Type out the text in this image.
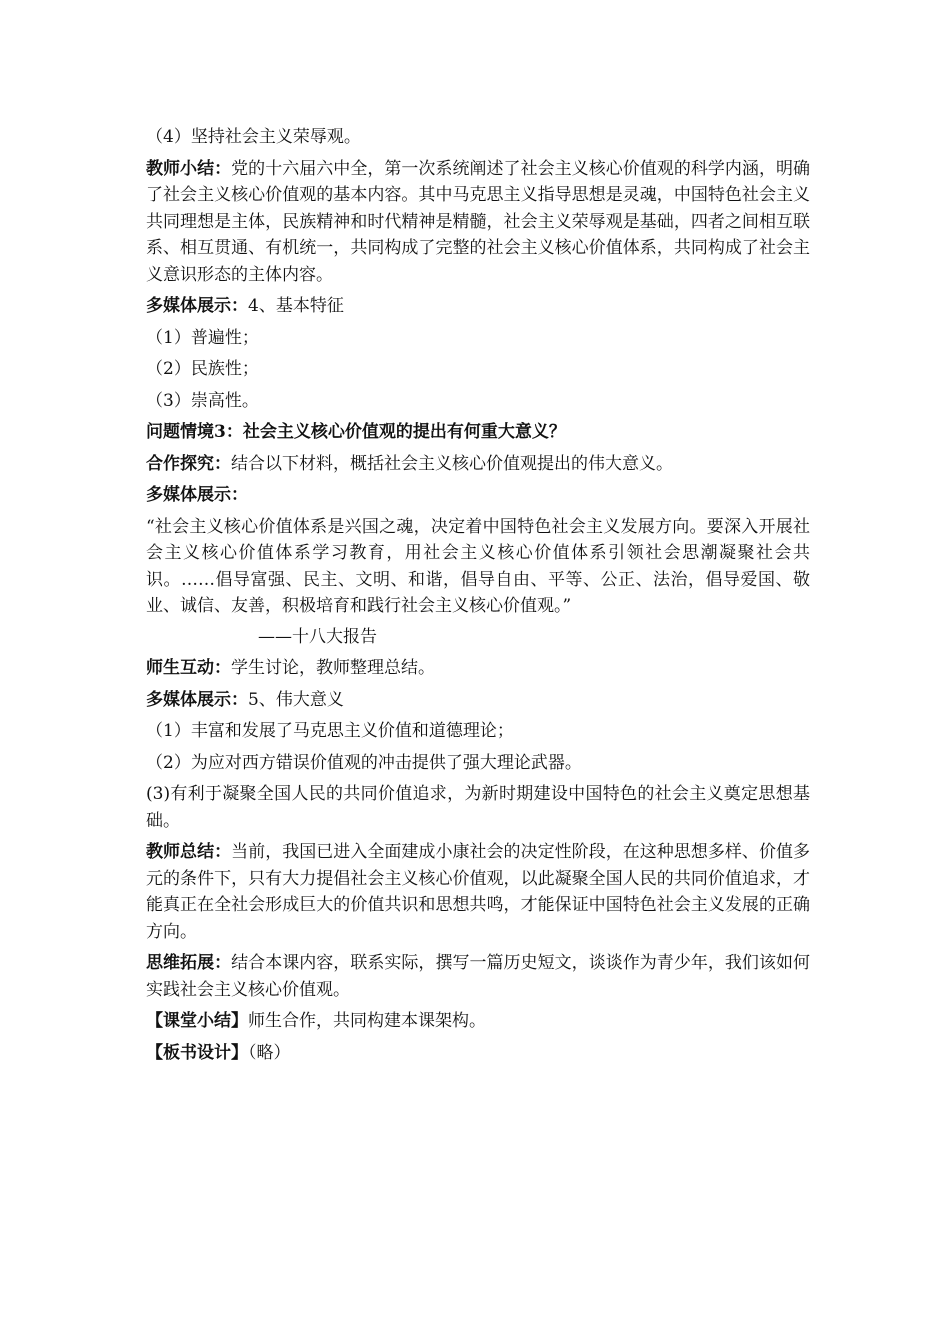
（4）坚持社会主义荣辱观。

教师小结：党的十六届六中全，第一次系统阐述了社会主义核心价值观的科学内涵，明确了社会主义核心价值观的基本内容。其中马克思主义指导思想是灵魂，中国特色社会主义共同理想是主体，民族精神和时代精神是精髓，社会主义荣辱观是基础，四者之间相互联系、相互贯通、有机统一，共同构成了完整的社会主义核心价值体系，共同构成了社会主义意识形态的主体内容。

多媒体展示：4、基本特征

（1）普遍性；

（2）民族性；

（3）崇高性。

问题情境3：社会主义核心价值观的提出有何重大意义？

合作探究：结合以下材料，概括社会主义核心价值观提出的伟大意义。

多媒体展示：

“社会主义核心价值体系是兴国之魂，决定着中国特色社会主义发展方向。要深入开展社会主义核心价值体系学习教育，用社会主义核心价值体系引领社会思潮凝聚社会共识。……倡导富强、民主、文明、和谐，倡导自由、平等、公正、法治，倡导爱国、敬业、诚信、友善，积极培育和践行社会主义核心价值观。”

——十八大报告

师生互动：学生讨论，教师整理总结。

多媒体展示：5、伟大意义

（1）丰富和发展了马克思主义价值和道德理论；

（2）为应对西方错误价值观的冲击提供了强大理论武器。

(3)有利于凝聚全国人民的共同价值追求，为新时期建设中国特色的社会主义奠定思想基础。

教师总结：当前，我国已进入全面建成小康社会的决定性阶段，在这种思想多样、价值多元的条件下，只有大力提倡社会主义核心价值观，以此凝聚全国人民的共同价值追求，才能真正在全社会形成巨大的价值共识和思想共鸣，才能保证中国特色社会主义发展的正确方向。

思维拓展：结合本课内容，联系实际，撰写一篇历史短文，谈谈作为青少年，我们该如何实践社会主义核心价值观。

【课堂小结】师生合作，共同构建本课架构。

【板书设计】（略）
